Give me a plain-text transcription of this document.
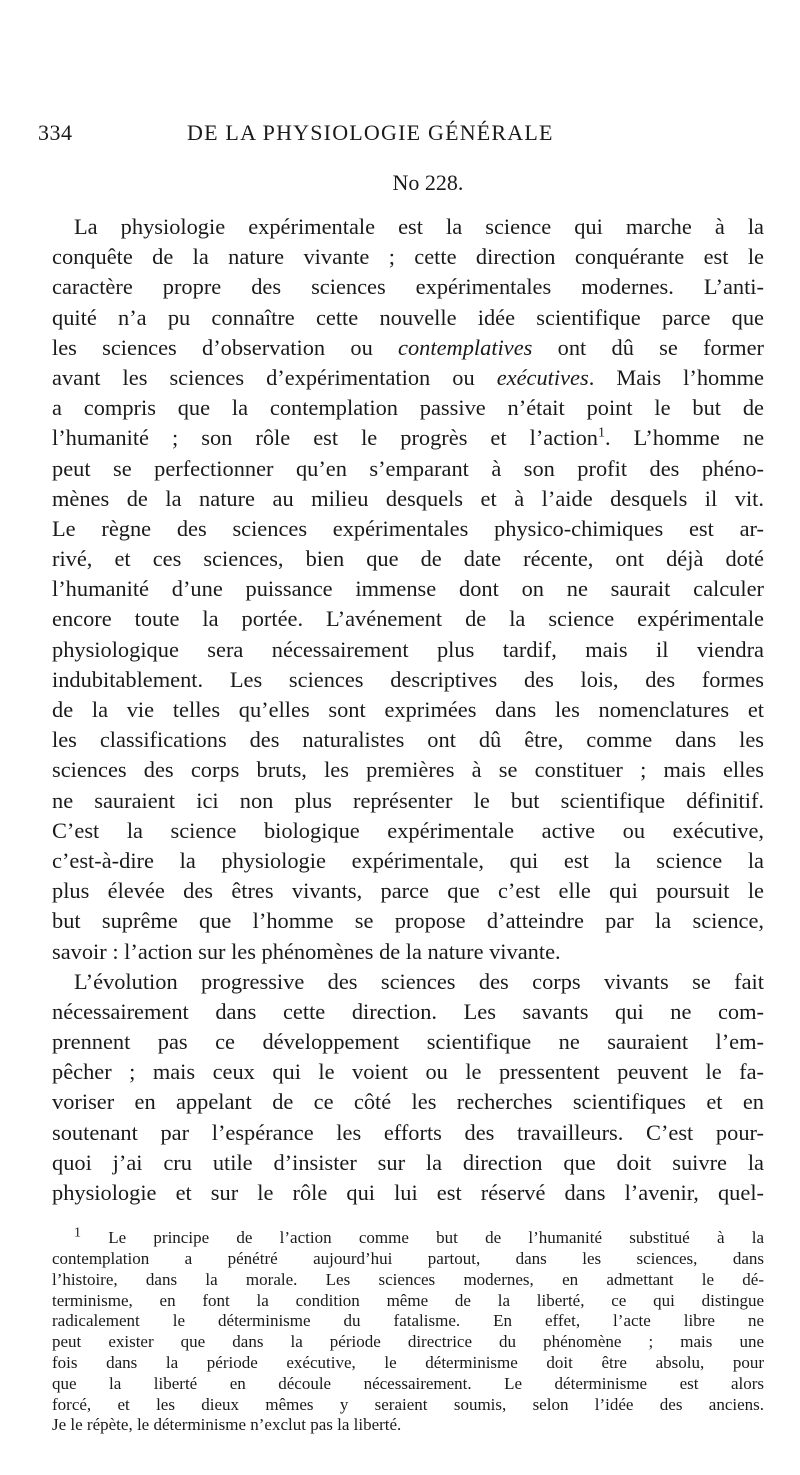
334	DE LA PHYSIOLOGIE GÉNÉRALE
No 228.
La physiologie expérimentale est la science qui marche à la
conquête de la nature vivante ; cette direction conquérante est le
caractère propre des sciences expérimentales modernes. L’anti-
quité n’a pu connaître cette nouvelle idée scientifique parce que
les sciences d’observation ou contemplatives ont dû se former
avant les sciences d’expérimentation ou exécutives. Mais l’homme
a compris que la contemplation passive n’était point le but de
l’humanité ; son rôle est le progrès et l’action$^1$. L’homme ne
peut se perfectionner qu’en s’emparant à son profit des phéno-
mènes de la nature au milieu desquels et à l’aide desquels il vit.
Le règne des sciences expérimentales physico-chimiques est ar-
rivé, et ces sciences, bien que de date récente, ont déjà doté
l’humanité d’une puissance immense dont on ne saurait calculer
encore toute la portée. L’avénement de la science expérimentale
physiologique sera nécessairement plus tardif, mais il viendra
indubitablement. Les sciences descriptives des lois, des formes
de la vie telles qu’elles sont exprimées dans les nomenclatures et
les classifications des naturalistes ont dû être, comme dans les
sciences des corps bruts, les premières à se constituer ; mais elles
ne sauraient ici non plus représenter le but scientifique définitif.
C’est la science biologique expérimentale active ou exécutive,
c’est-à-dire la physiologie expérimentale, qui est la science la
plus élevée des êtres vivants, parce que c’est elle qui poursuit le
but suprême que l’homme se propose d’atteindre par la science,
savoir : l’action sur les phénomènes de la nature vivante.
L’évolution progressive des sciences des corps vivants se fait
nécessairement dans cette direction. Les savants qui ne com-
prennent pas ce développement scientifique ne sauraient l’em-
pêcher ; mais ceux qui le voient ou le pressentent peuvent le fa-
voriser en appelant de ce côté les recherches scientifiques et en
soutenant par l’espérance les efforts des travailleurs. C’est pour-
quoi j’ai cru utile d’insister sur la direction que doit suivre la
physiologie et sur le rôle qui lui est réservé dans l’avenir, quel-
$^1$ Le principe de l’action comme but de l’humanité substitué à la
contemplation a pénétré aujourd’hui partout, dans les sciences, dans
l’histoire, dans la morale. Les sciences modernes, en admettant le dé-
terminisme, en font la condition même de la liberté, ce qui distingue
radicalement le déterminisme du fatalisme. En effet, l’acte libre ne
peut exister que dans la période directrice du phénomène ; mais une
fois dans la période exécutive, le déterminisme doit être absolu, pour
que la liberté en découle nécessairement. Le déterminisme est alors
forcé, et les dieux mêmes y seraient soumis, selon l’idée des anciens.
Je le répète, le déterminisme n’exclut pas la liberté.
